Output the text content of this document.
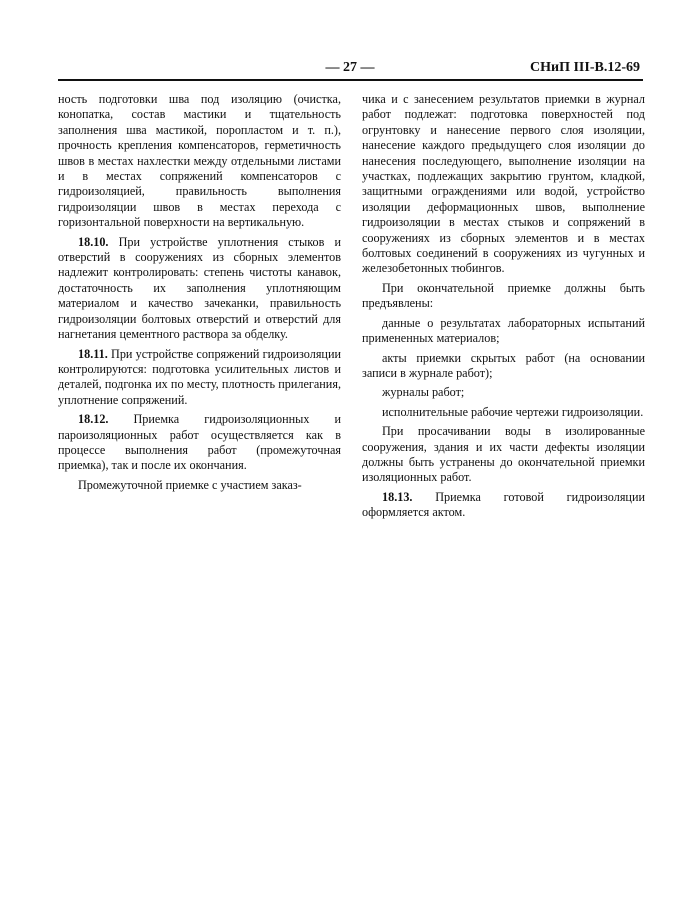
— 27 —	СНиП III-В.12-69

ность подготовки шва под изоляцию (очистка, конопатка, состав мастики и тщательность заполнения шва мастикой, поропластом и т. п.), прочность крепления компенсаторов, герметичность швов в местах нахлестки между отдельными листами и в местах сопряжений компенсаторов с гидроизоляцией, правильность выполнения гидроизоляции швов в местах перехода с горизонтальной поверхности на вертикальную.

18.10. При устройстве уплотнения стыков и отверстий в сооружениях из сборных элементов надлежит контролировать: степень чистоты канавок, достаточность их заполнения уплотняющим материалом и качество зачеканки, правильность гидроизоляции болтовых отверстий и отверстий для нагнетания цементного раствора за обделку.

18.11. При устройстве сопряжений гидроизоляции контролируются: подготовка усилительных листов и деталей, подгонка их по месту, плотность прилегания, уплотнение сопряжений.

18.12. Приемка гидроизоляционных и пароизоляционных работ осуществляется как в процессе выполнения работ (промежуточная приемка), так и после их окончания.

Промежуточной приемке с участием заказ-

чика и с занесением результатов приемки в журнал работ подлежат: подготовка поверхностей под огрунтовку и нанесение первого слоя изоляции, нанесение каждого предыдущего слоя изоляции до нанесения последующего, выполнение изоляции на участках, подлежащих закрытию грунтом, кладкой, защитными ограждениями или водой, устройство изоляции деформационных швов, выполнение гидроизоляции в местах стыков и сопряжений в сооружениях из сборных элементов и в местах болтовых соединений в сооружениях из чугунных и железобетонных тюбингов.

При окончательной приемке должны быть предъявлены:

данные о результатах лабораторных испытаний примененных материалов;

акты приемки скрытых работ (на основании записи в журнале работ);

журналы работ;

исполнительные рабочие чертежи гидроизоляции.

При просачивании воды в изолированные сооружения, здания и их части дефекты изоляции должны быть устранены до окончательной приемки изоляционных работ.

18.13. Приемка готовой гидроизоляции оформляется актом.
